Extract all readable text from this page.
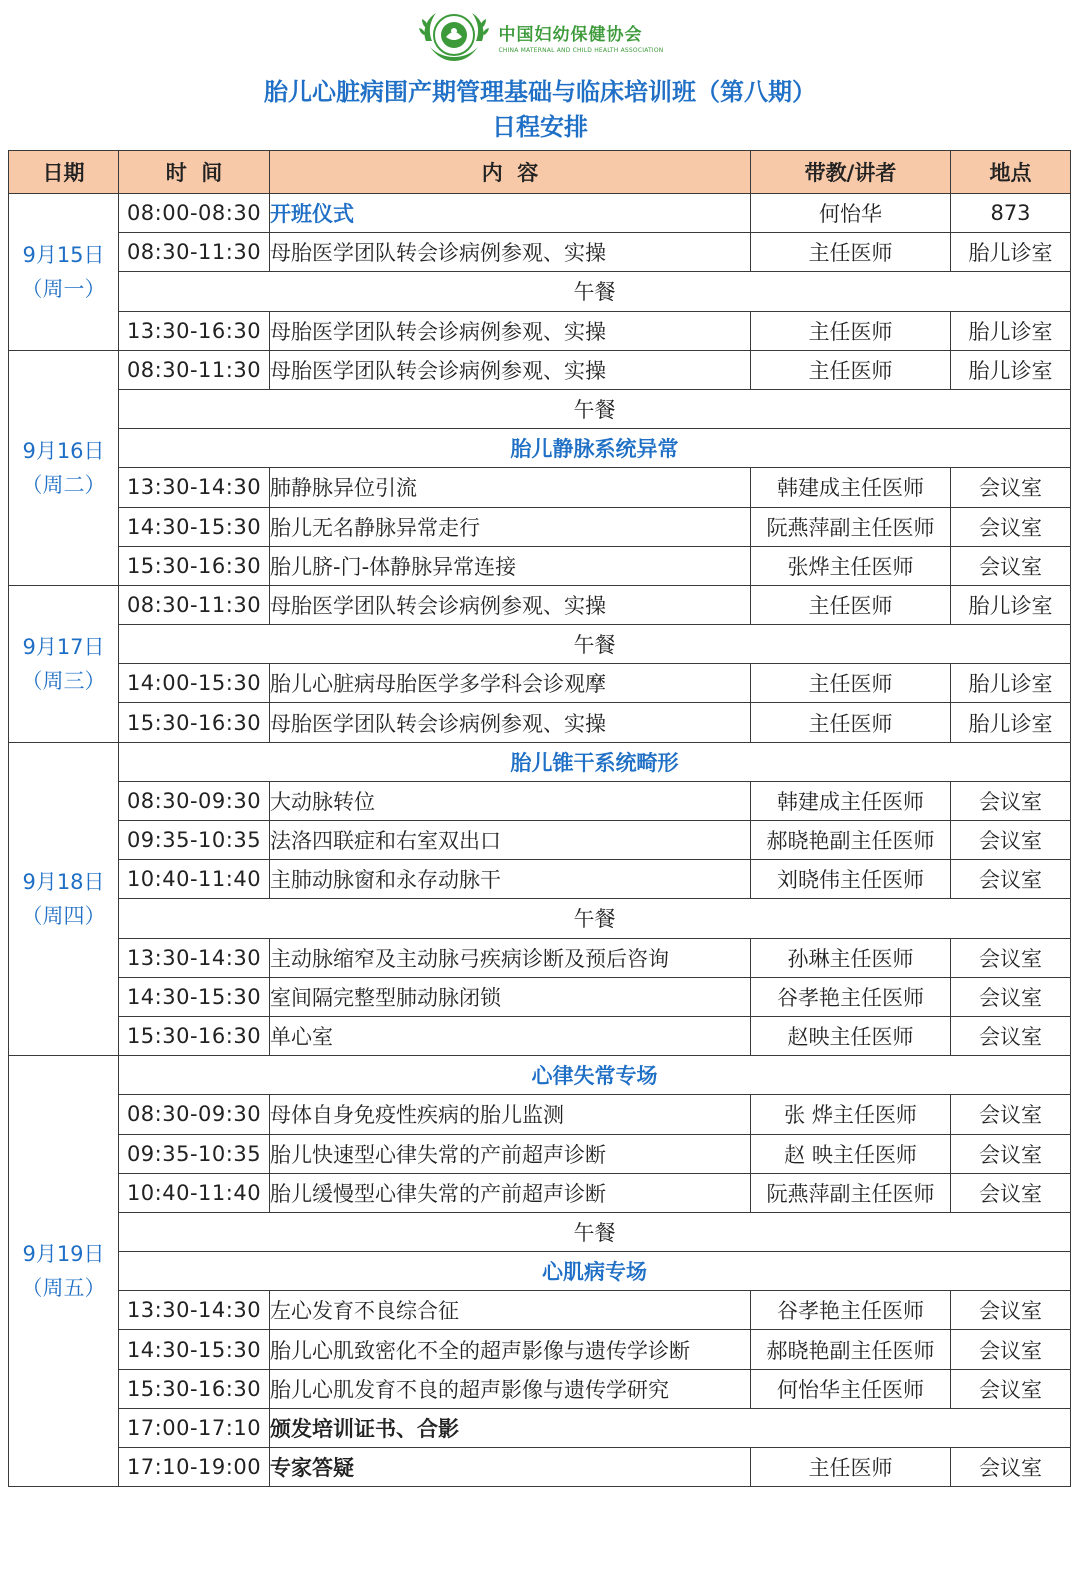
中国妇幼保健协会
CHINA MATERNAL AND CHILD HEALTH ASSOCIATION
胎儿心脏病围产期管理基础与临床培训班（第八期）
日程安排
日期	时  间	内  容	带教/讲者	地点

9月15日
（周一）	08:00-08:30	开班仪式	何怡华	873
	08:30-11:30	母胎医学团队转会诊病例参观、实操	主任医师	胎儿诊室
	午餐			
	13:30-16:30	母胎医学团队转会诊病例参观、实操	主任医师	胎儿诊室

9月16日
（周二）	08:30-11:30	母胎医学团队转会诊病例参观、实操	主任医师	胎儿诊室
	午餐			
	胎儿静脉系统异常			
	13:30-14:30	肺静脉异位引流	韩建成主任医师	会议室
	14:30-15:30	胎儿无名静脉异常走行	阮燕萍副主任医师	会议室
	15:30-16:30	胎儿脐-门-体静脉异常连接	张烨主任医师	会议室

9月17日
（周三）	08:30-11:30	母胎医学团队转会诊病例参观、实操	主任医师	胎儿诊室
	午餐			
	14:00-15:30	胎儿心脏病母胎医学多学科会诊观摩	主任医师	胎儿诊室
	15:30-16:30	母胎医学团队转会诊病例参观、实操	主任医师	胎儿诊室

9月18日
（周四）	胎儿锥干系统畸形			
	08:30-09:30	大动脉转位	韩建成主任医师	会议室
	09:35-10:35	法洛四联症和右室双出口	郝晓艳副主任医师	会议室
	10:40-11:40	主肺动脉窗和永存动脉干	刘晓伟主任医师	会议室
	午餐			
	13:30-14:30	主动脉缩窄及主动脉弓疾病诊断及预后咨询	孙琳主任医师	会议室
	14:30-15:30	室间隔完整型肺动脉闭锁	谷孝艳主任医师	会议室
	15:30-16:30	单心室	赵映主任医师	会议室

9月19日
（周五）	心律失常专场			
	08:30-09:30	母体自身免疫性疾病的胎儿监测	张 烨主任医师	会议室
	09:35-10:35	胎儿快速型心律失常的产前超声诊断	赵 映主任医师	会议室
	10:40-11:40	胎儿缓慢型心律失常的产前超声诊断	阮燕萍副主任医师	会议室
	午餐			
	心肌病专场			
	13:30-14:30	左心发育不良综合征	谷孝艳主任医师	会议室
	14:30-15:30	胎儿心肌致密化不全的超声影像与遗传学诊断	郝晓艳副主任医师	会议室
	15:30-16:30	胎儿心肌发育不良的超声影像与遗传学研究	何怡华主任医师	会议室
	17:00-17:10	颁发培训证书、合影		
	17:10-19:00	专家答疑	主任医师	会议室
